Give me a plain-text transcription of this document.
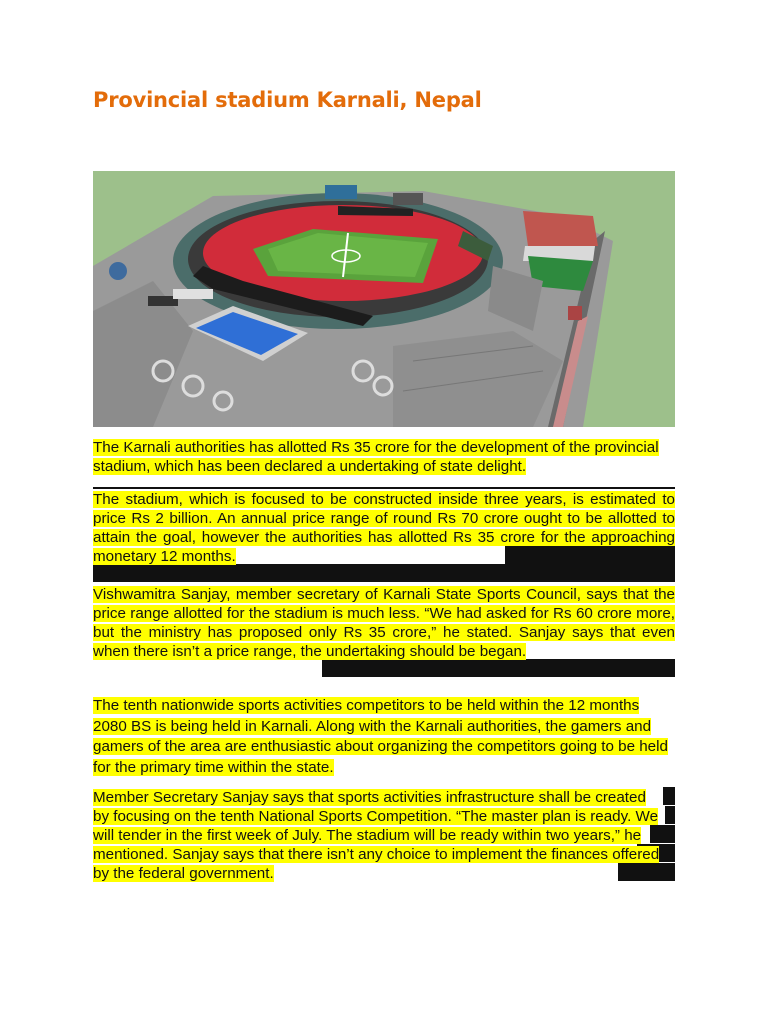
Provincial stadium Karnali, Nepal
The Karnali authorities has allotted Rs 35 crore for the development of the provincial stadium, which has been declared a undertaking of state delight.
The stadium, which is focused to be constructed inside three years, is estimated to price Rs 2 billion. An annual price range of round Rs 70 crore ought to be allotted to attain the goal, however the authorities has allotted Rs 35 crore for the approaching monetary 12 months.
Vishwamitra Sanjay, member secretary of Karnali State Sports Council, says that the price range allotted for the stadium is much less. “We had asked for Rs 60 crore more, but the ministry has proposed only Rs 35 crore,” he stated. Sanjay says that even when there isn’t a price range, the undertaking should be began.
The tenth nationwide sports activities competitors to be held within the 12 months 2080 BS is being held in Karnali. Along with the Karnali authorities, the gamers and gamers of the area are enthusiastic about organizing the competitors going to be held for the primary time within the state.
Member Secretary Sanjay says that sports activities infrastructure shall be created by focusing on the tenth National Sports Competition. “The master plan is ready. We will tender in the first week of July. The stadium will be ready within two years,” he mentioned. Sanjay says that there isn’t any choice to implement the finances offered by the federal government.
